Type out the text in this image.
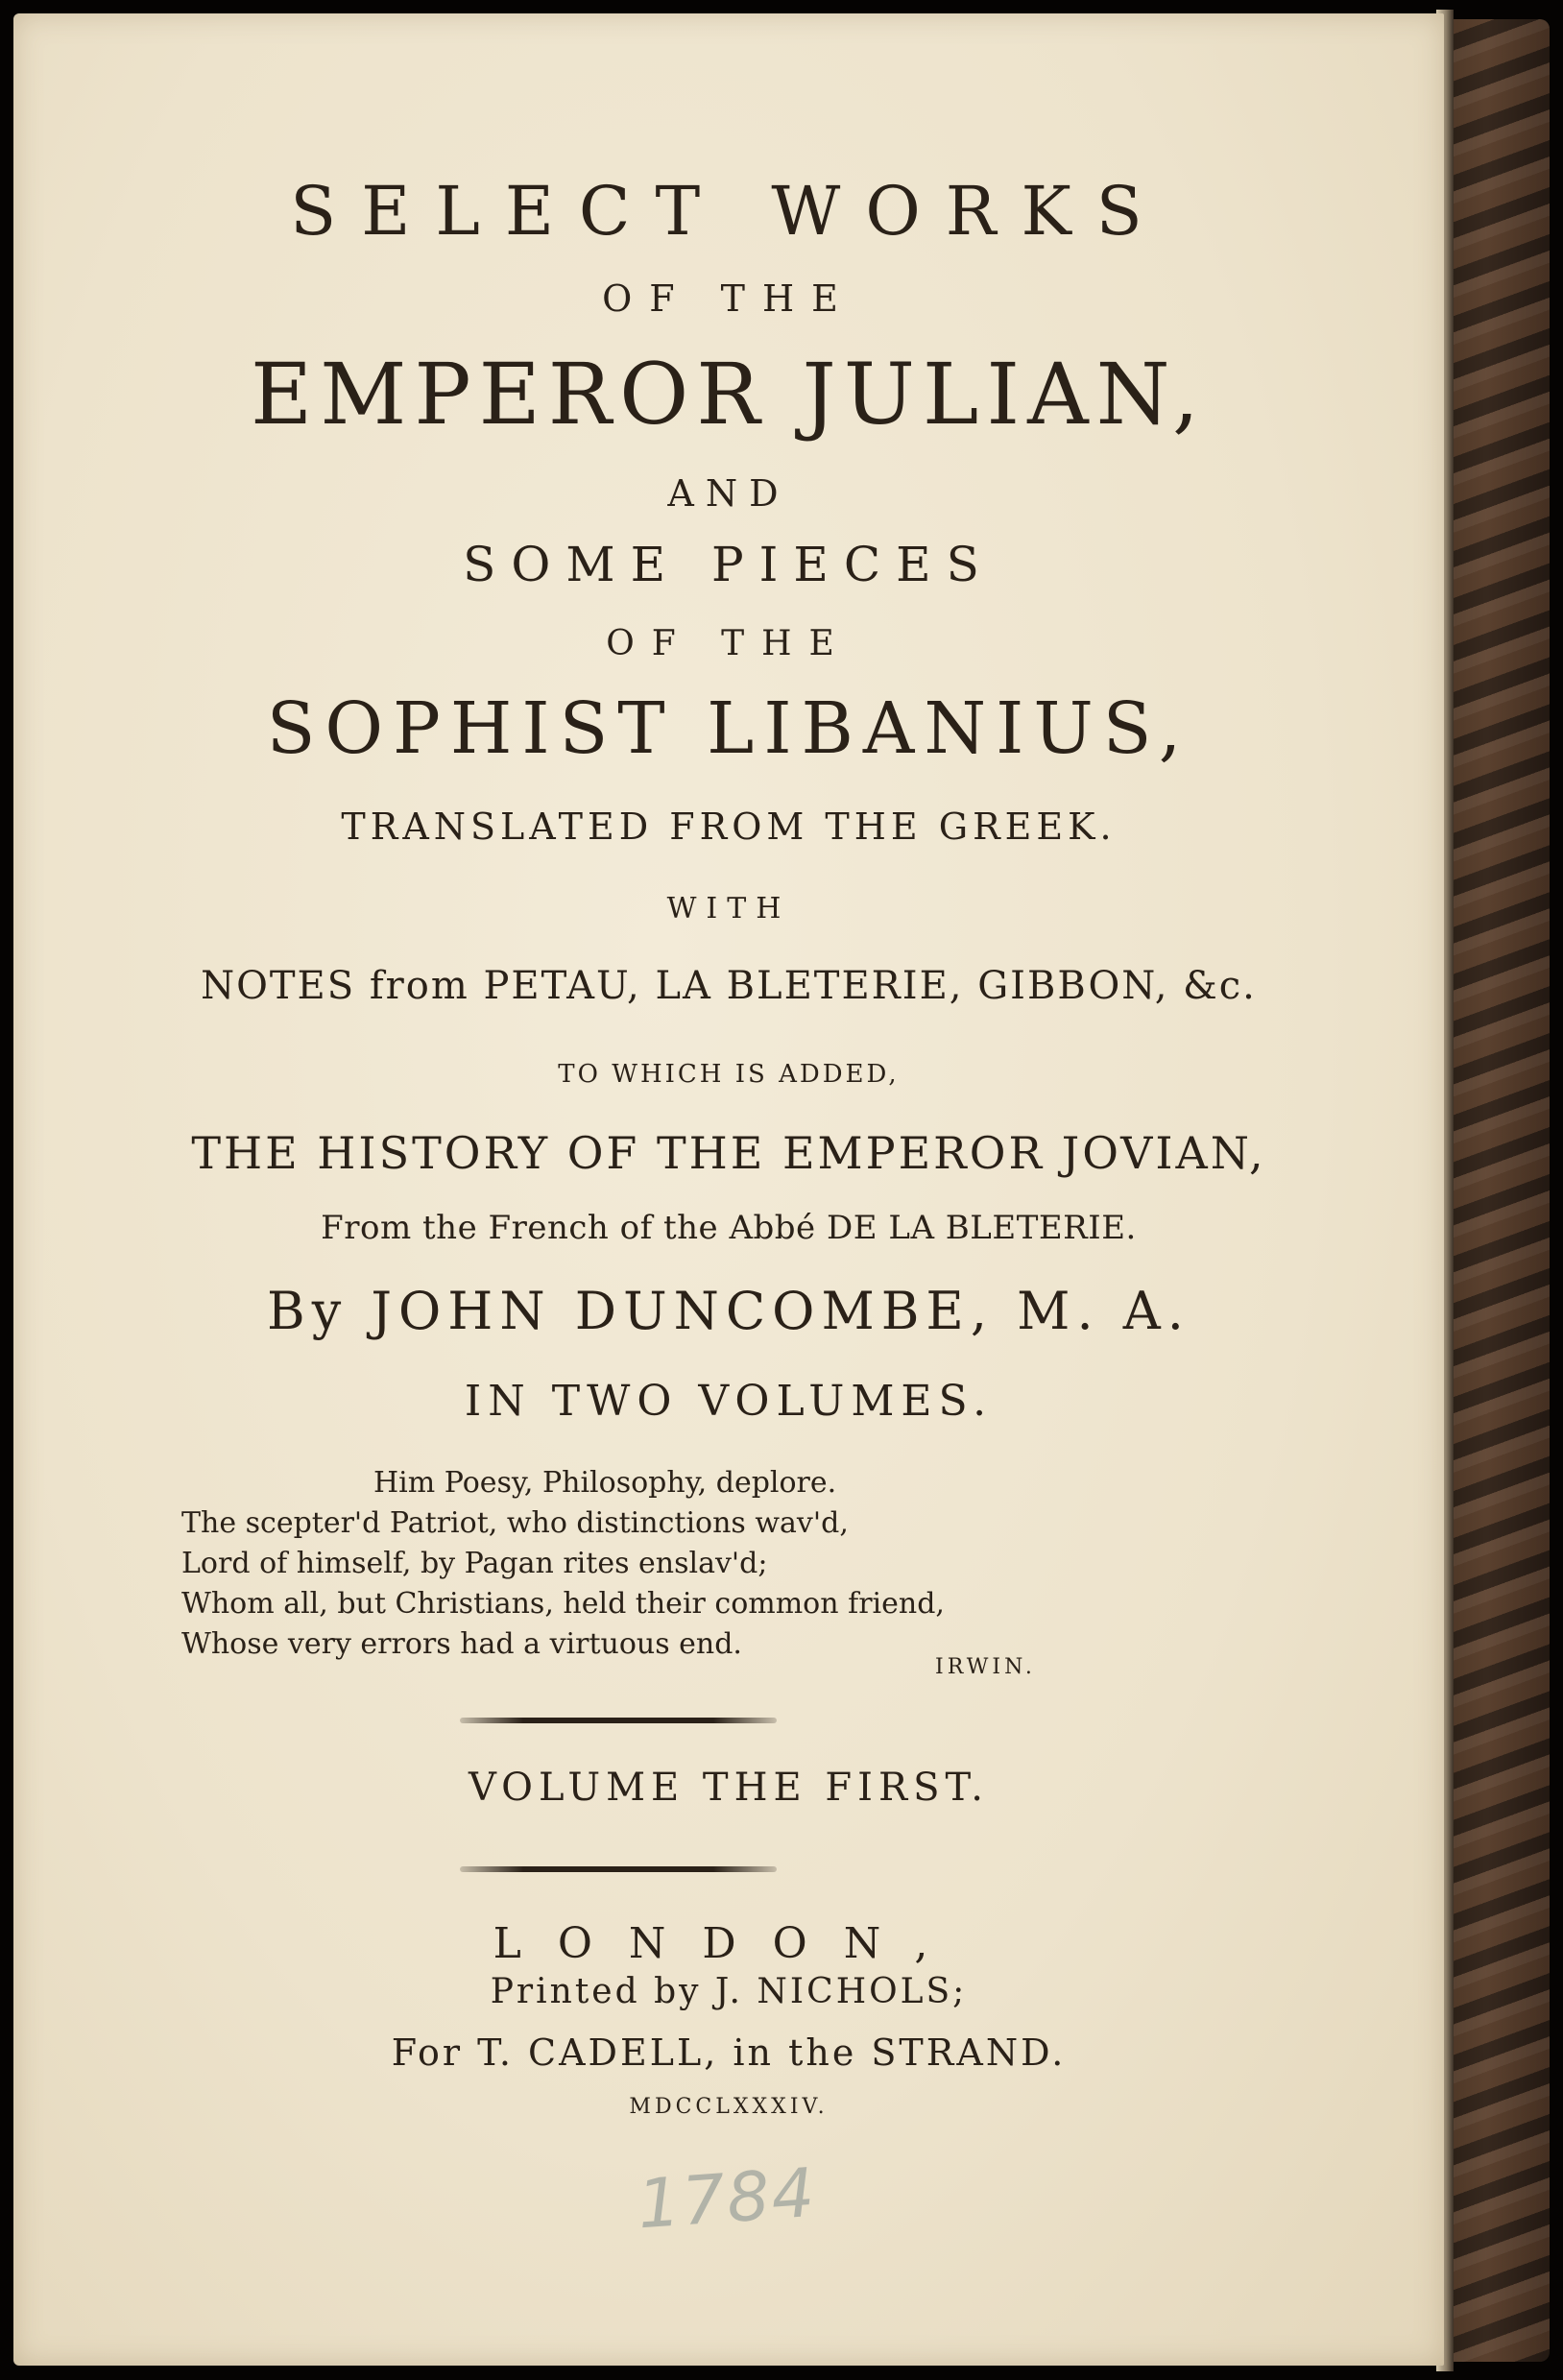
SELECT WORKS

OF THE

EMPEROR JULIAN,

AND

SOME PIECES

OF THE

SOPHIST LIBANIUS,

TRANSLATED FROM THE GREEK.

WITH

NOTES from PETAU, LA BLETERIE, GIBBON, &c.

TO WHICH IS ADDED,

THE HISTORY OF THE EMPEROR JOVIAN,

From the French of the Abbé DE LA BLETERIE.

By JOHN DUNCOMBE, M. A.

IN TWO VOLUMES.

Him Poesy, Philosophy, deplore.
The scepter'd Patriot, who distinctions wav'd,
Lord of himself, by Pagan rites enslav'd;
Whom all, but Christians, held their common friend,
Whose very errors had a virtuous end.
IRWIN.

VOLUME THE FIRST.

LONDON,

Printed by J. NICHOLS;

For T. CADELL, in the STRAND.

MDCCLXXXIV.

1784
